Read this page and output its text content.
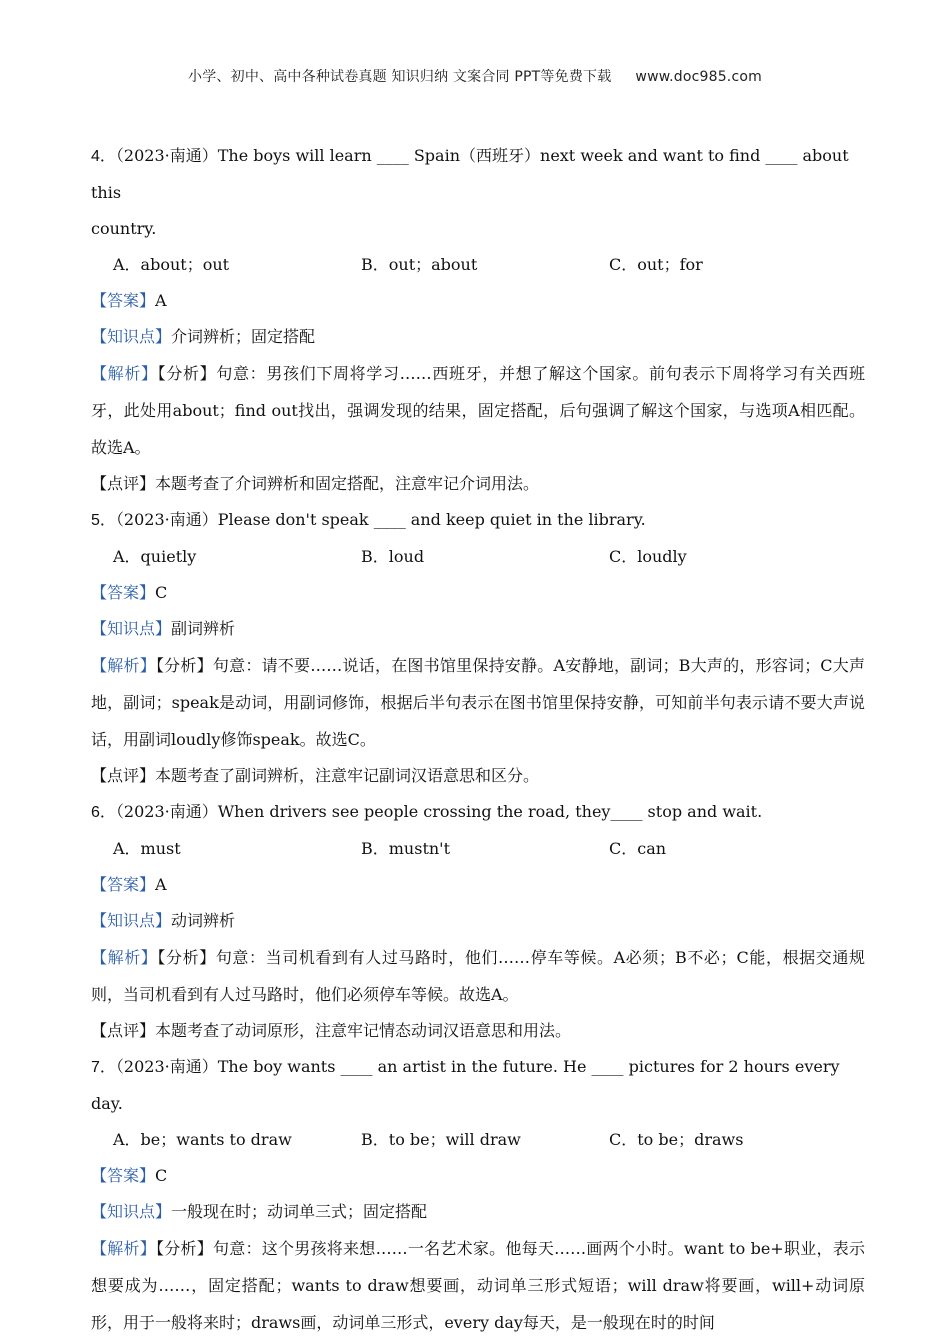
小学、初中、高中各种试卷真题 知识归纳 文案合同 PPT等免费下载 www.doc985.com

4．（2023·南通）The boys will learn ____ Spain（西班牙）next week and want to find ____ about this

country.

A．about；out	B．out；about	C．out；for

【答案】A

【知识点】介词辨析；固定搭配

【解析】【分析】句意：男孩们下周将学习……西班牙，并想了解这个国家。前句表示下周将学习有关西班牙，此处用about；find out找出，强调发现的结果，固定搭配，后句强调了解这个国家，与选项A相匹配。故选A。

【点评】本题考查了介词辨析和固定搭配，注意牢记介词用法。

5．（2023·南通）Please don't speak ____ and keep quiet in the library.

A．quietly	B．loud	C．loudly

【答案】C

【知识点】副词辨析

【解析】【分析】句意：请不要……说话，在图书馆里保持安静。A安静地，副词；B大声的，形容词；C大声地，副词；speak是动词，用副词修饰，根据后半句表示在图书馆里保持安静，可知前半句表示请不要大声说话，用副词loudly修饰speak。故选C。

【点评】本题考查了副词辨析，注意牢记副词汉语意思和区分。

6．（2023·南通）When drivers see people crossing the road, they____ stop and wait.

A．must	B．mustn't	C．can

【答案】A

【知识点】动词辨析

【解析】【分析】句意：当司机看到有人过马路时，他们……停车等候。A必须；B不必；C能，根据交通规则，当司机看到有人过马路时，他们必须停车等候。故选A。

【点评】本题考查了动词原形，注意牢记情态动词汉语意思和用法。

7．（2023·南通）The boy wants ____ an artist in the future. He ____ pictures for 2 hours every day.

A．be；wants to draw	B．to be；will draw	C．to be；draws

【答案】C

【知识点】一般现在时；动词单三式；固定搭配

【解析】【分析】句意：这个男孩将来想……一名艺术家。他每天……画两个小时。want to be+职业，表示想要成为……，固定搭配；wants to draw想要画，动词单三形式短语；will draw将要画，will+动词原形，用于一般将来时；draws画，动词单三形式，every day每天，是一般现在时的时间
